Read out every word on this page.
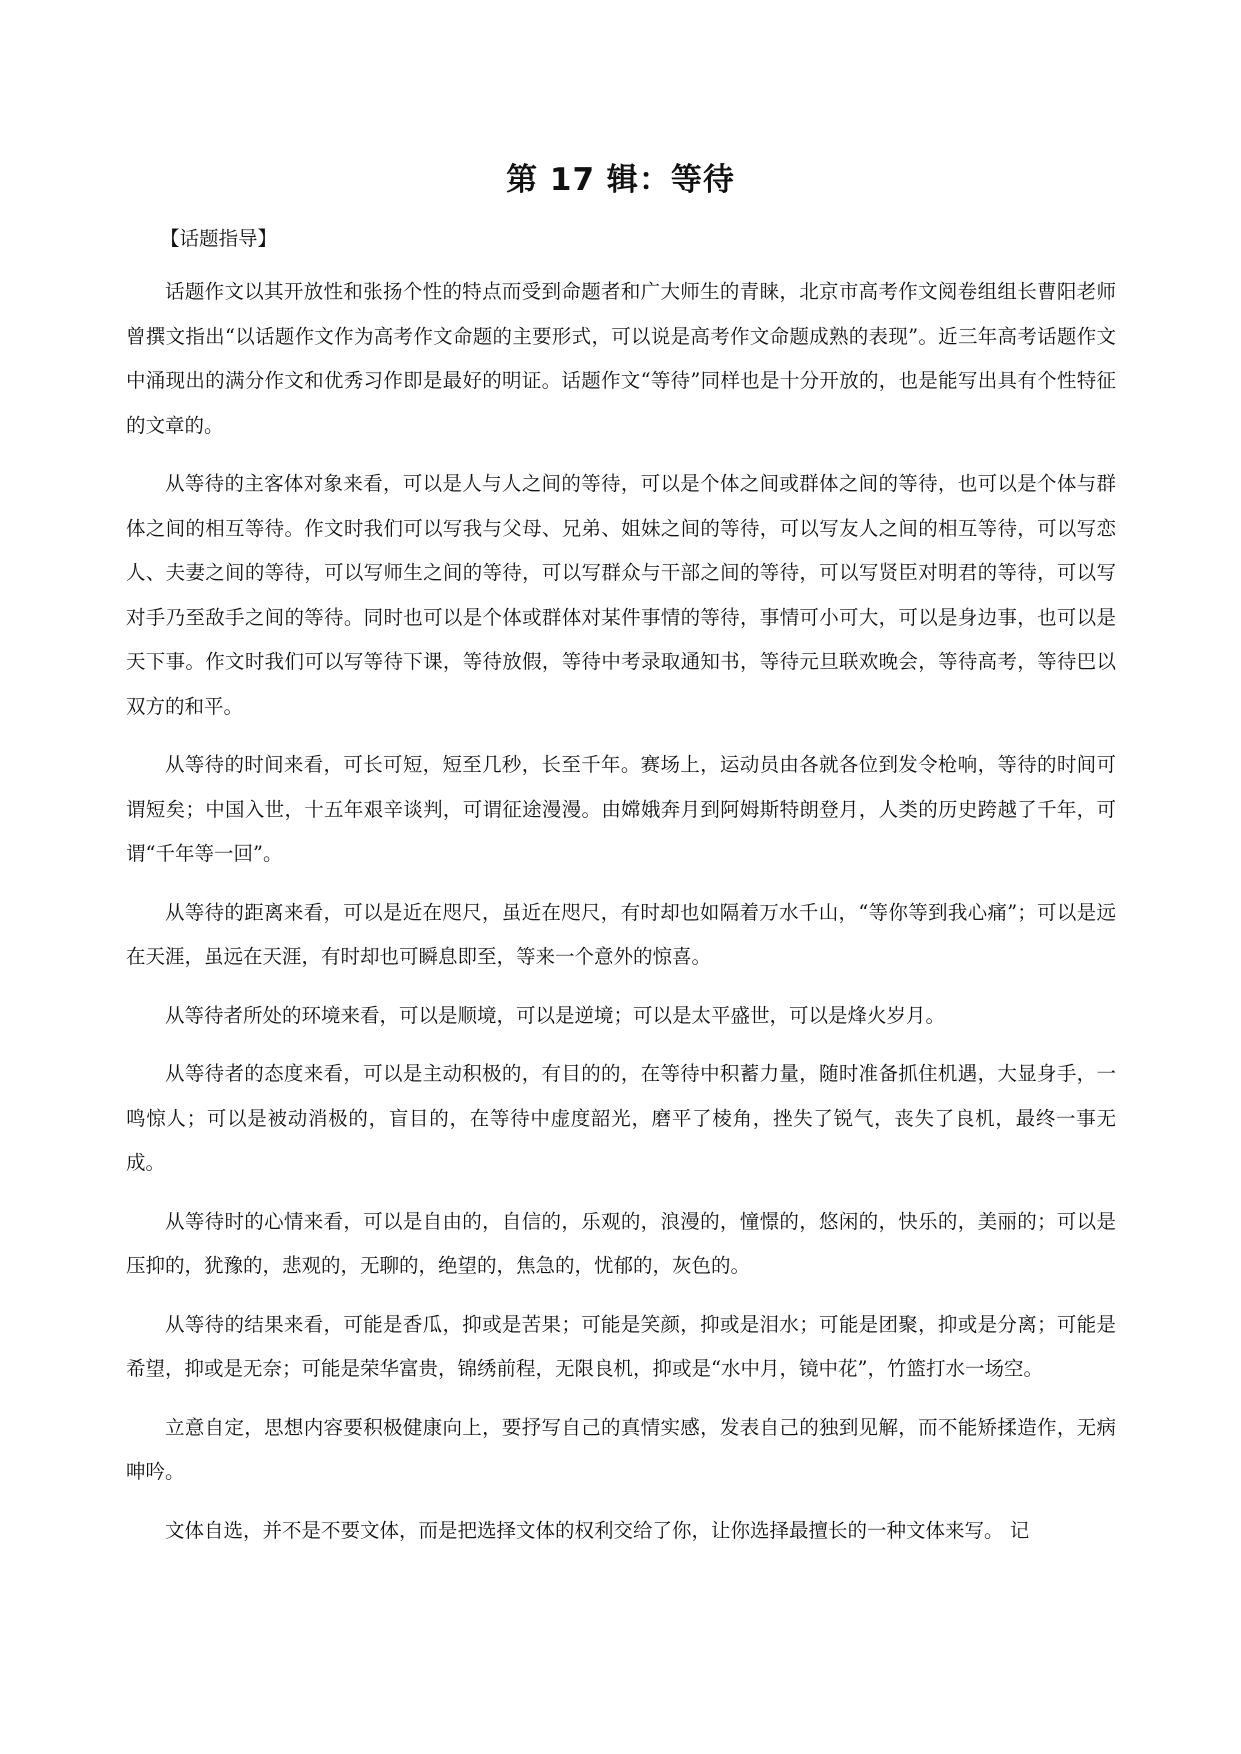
第 17 辑：等待

【话题指导】

话题作文以其开放性和张扬个性的特点而受到命题者和广大师生的青睐，北京市高考作文阅卷组组长曹阳老师曾撰文指出“以话题作文作为高考作文命题的主要形式，可以说是高考作文命题成熟的表现”。近三年高考话题作文中涌现出的满分作文和优秀习作即是最好的明证。话题作文“等待”同样也是十分开放的，也是能写出具有个性特征的文章的。

从等待的主客体对象来看，可以是人与人之间的等待，可以是个体之间或群体之间的等待，也可以是个体与群体之间的相互等待。作文时我们可以写我与父母、兄弟、姐妹之间的等待，可以写友人之间的相互等待，可以写恋人、夫妻之间的等待，可以写师生之间的等待，可以写群众与干部之间的等待，可以写贤臣对明君的等待，可以写对手乃至敌手之间的等待。同时也可以是个体或群体对某件事情的等待，事情可小可大，可以是身边事，也可以是天下事。作文时我们可以写等待下课，等待放假，等待中考录取通知书，等待元旦联欢晚会，等待高考，等待巴以双方的和平。

从等待的时间来看，可长可短，短至几秒，长至千年。赛场上，运动员由各就各位到发令枪响，等待的时间可谓短矣；中国入世，十五年艰辛谈判，可谓征途漫漫。由嫦娥奔月到阿姆斯特朗登月，人类的历史跨越了千年，可谓“千年等一回”。

从等待的距离来看，可以是近在咫尺，虽近在咫尺，有时却也如隔着万水千山，“等你等到我心痛”；可以是远在天涯，虽远在天涯，有时却也可瞬息即至，等来一个意外的惊喜。

从等待者所处的环境来看，可以是顺境，可以是逆境；可以是太平盛世，可以是烽火岁月。

从等待者的态度来看，可以是主动积极的，有目的的，在等待中积蓄力量，随时准备抓住机遇，大显身手，一鸣惊人；可以是被动消极的，盲目的，在等待中虚度韶光，磨平了棱角，挫失了锐气，丧失了良机，最终一事无成。

从等待时的心情来看，可以是自由的，自信的，乐观的，浪漫的，憧憬的，悠闲的，快乐的，美丽的；可以是压抑的，犹豫的，悲观的，无聊的，绝望的，焦急的，忧郁的，灰色的。

从等待的结果来看，可能是香瓜，抑或是苦果；可能是笑颜，抑或是泪水；可能是团聚，抑或是分离；可能是希望，抑或是无奈；可能是荣华富贵，锦绣前程，无限良机，抑或是“水中月，镜中花”，竹篮打水一场空。

立意自定，思想内容要积极健康向上，要抒写自己的真情实感，发表自己的独到见解，而不能矫揉造作，无病呻吟。

文体自选，并不是不要文体，而是把选择文体的权利交给了你，让你选择最擅长的一种文体来写。 记
